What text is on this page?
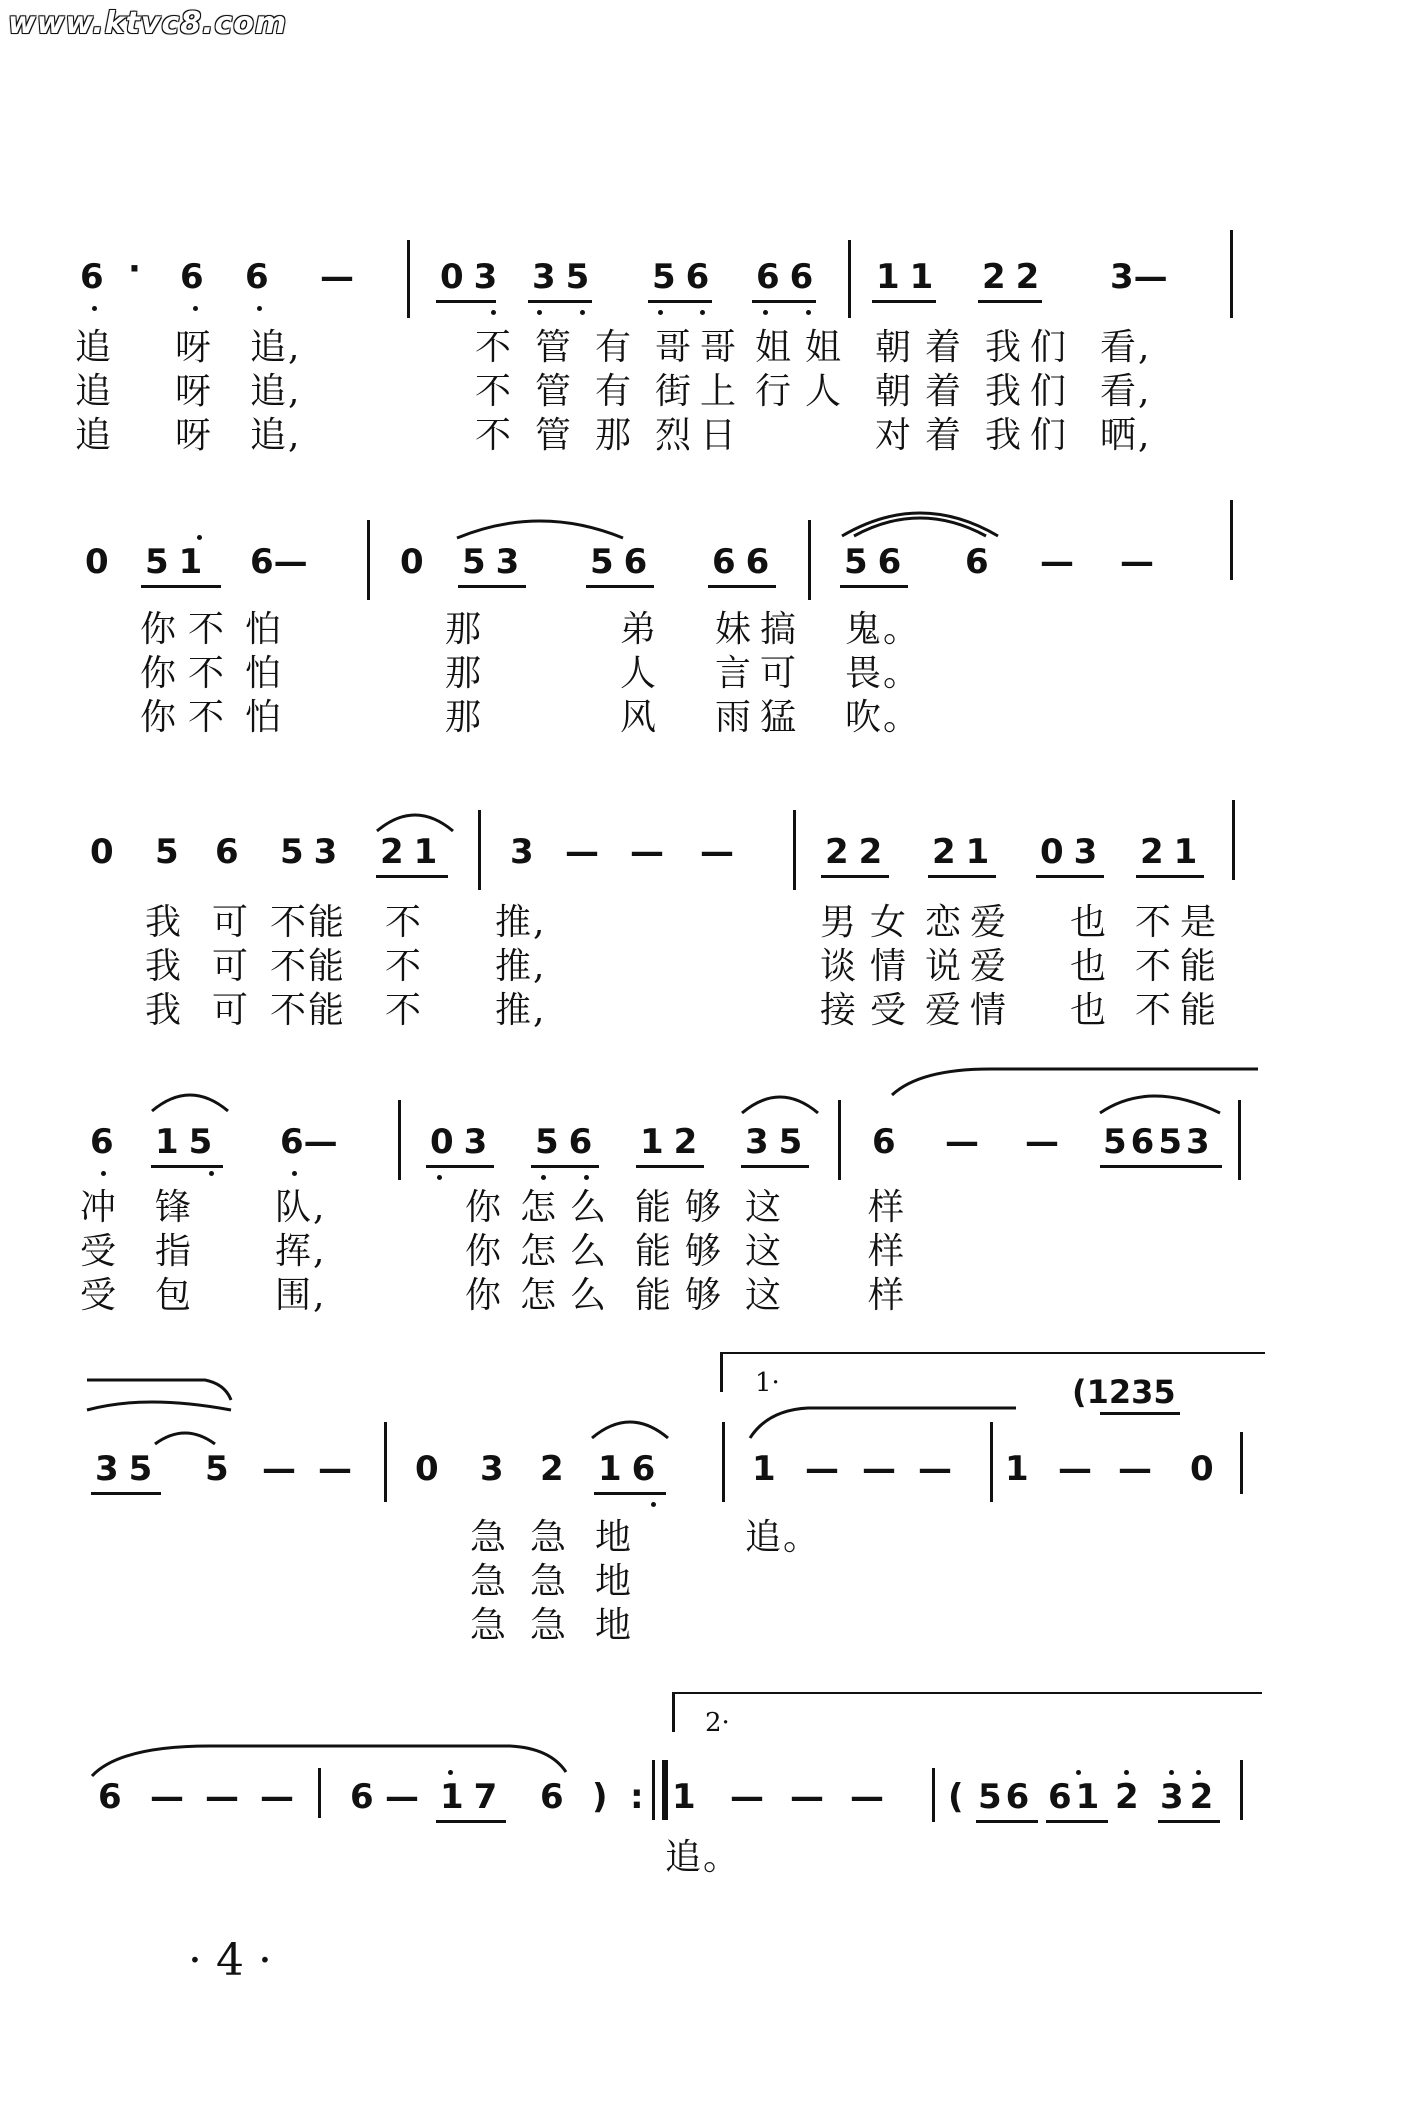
www.ktvc8.com
6 · 6 6 —	03 35 56 66 11 22 3—
追 呀 追,	不 管 有 哥 哥 姐 姐 朝 着 我 们 看,
追 呀 追,	不 管 有 街 上 行 人 朝 着 我 们 看,
追 呀 追,	不 管 那 烈 日	对 着 我 们 晒,
0 51 6—	0 53 56 66 56 6 — —
你 不 怕	那	弟 妹 搞 鬼。
你 不 怕	那	人 言 可 畏。
你 不 怕	那	风 雨 猛 吹。
0 5 6 53 21 3 — — —	22 21 03 21
我 可 不能 不 推,	男 女 恋 爱 也 不 是
我 可 不能 不 推,	谈 情 说 爱 也 不 能
我 可 不能 不 推,	接 受 爱 情 也 不 能
6 15 6—	03 56 12 35 6 — — 5653
冲 锋 队,	你 怎 么 能 够 这 样
受 指 挥,	你 怎 么 能 够 这 样
受 包 围,	你 怎 么 能 够 这 样
1·	(1235
35 5 — — 0 3 2 16	1 — — — 1 — — 0
急 急 地	追。
急 急 地
急 急 地
2·
6 — — — 6 — 17 6 ) : 1 — — — ( 56 61 2 32
追。
· 4 ·
